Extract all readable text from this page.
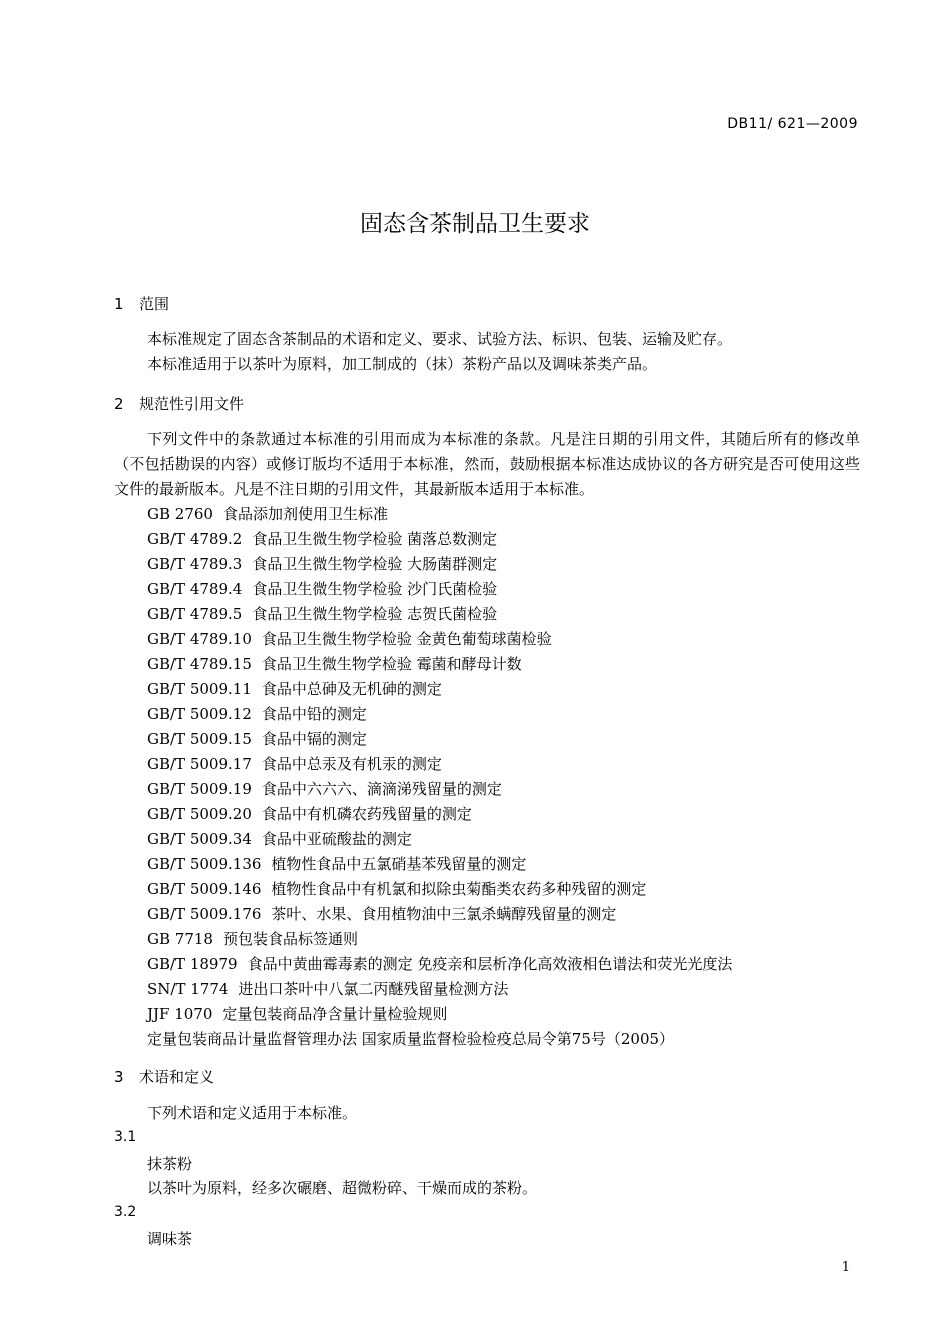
DB11/ 621—2009
固态含茶制品卫生要求
1 范围
本标准规定了固态含茶制品的术语和定义、要求、试验方法、标识、包装、运输及贮存。
本标准适用于以茶叶为原料，加工制成的（抹）茶粉产品以及调味茶类产品。
2 规范性引用文件
下列文件中的条款通过本标准的引用而成为本标准的条款。凡是注日期的引用文件，其随后所有的修改单（不包括勘误的内容）或修订版均不适用于本标准，然而，鼓励根据本标准达成协议的各方研究是否可使用这些文件的最新版本。凡是不注日期的引用文件，其最新版本适用于本标准。
GB 2760 食品添加剂使用卫生标准
GB/T 4789.2 食品卫生微生物学检验 菌落总数测定
GB/T 4789.3 食品卫生微生物学检验 大肠菌群测定
GB/T 4789.4 食品卫生微生物学检验 沙门氏菌检验
GB/T 4789.5 食品卫生微生物学检验 志贺氏菌检验
GB/T 4789.10 食品卫生微生物学检验 金黄色葡萄球菌检验
GB/T 4789.15 食品卫生微生物学检验 霉菌和酵母计数
GB/T 5009.11 食品中总砷及无机砷的测定
GB/T 5009.12 食品中铅的测定
GB/T 5009.15 食品中镉的测定
GB/T 5009.17 食品中总汞及有机汞的测定
GB/T 5009.19 食品中六六六、滴滴涕残留量的测定
GB/T 5009.20 食品中有机磷农药残留量的测定
GB/T 5009.34 食品中亚硫酸盐的测定
GB/T 5009.136 植物性食品中五氯硝基苯残留量的测定
GB/T 5009.146 植物性食品中有机氯和拟除虫菊酯类农药多种残留的测定
GB/T 5009.176 茶叶、水果、食用植物油中三氯杀螨醇残留量的测定
GB 7718 预包装食品标签通则
GB/T 18979 食品中黄曲霉毒素的测定 免疫亲和层析净化高效液相色谱法和荧光光度法
SN/T 1774 进出口茶叶中八氯二丙醚残留量检测方法
JJF 1070 定量包装商品净含量计量检验规则
定量包装商品计量监督管理办法 国家质量监督检验检疫总局令第75号（2005）
3 术语和定义
下列术语和定义适用于本标准。
3.1
抹茶粉
以茶叶为原料，经多次碾磨、超微粉碎、干燥而成的茶粉。
3.2
调味茶
1
